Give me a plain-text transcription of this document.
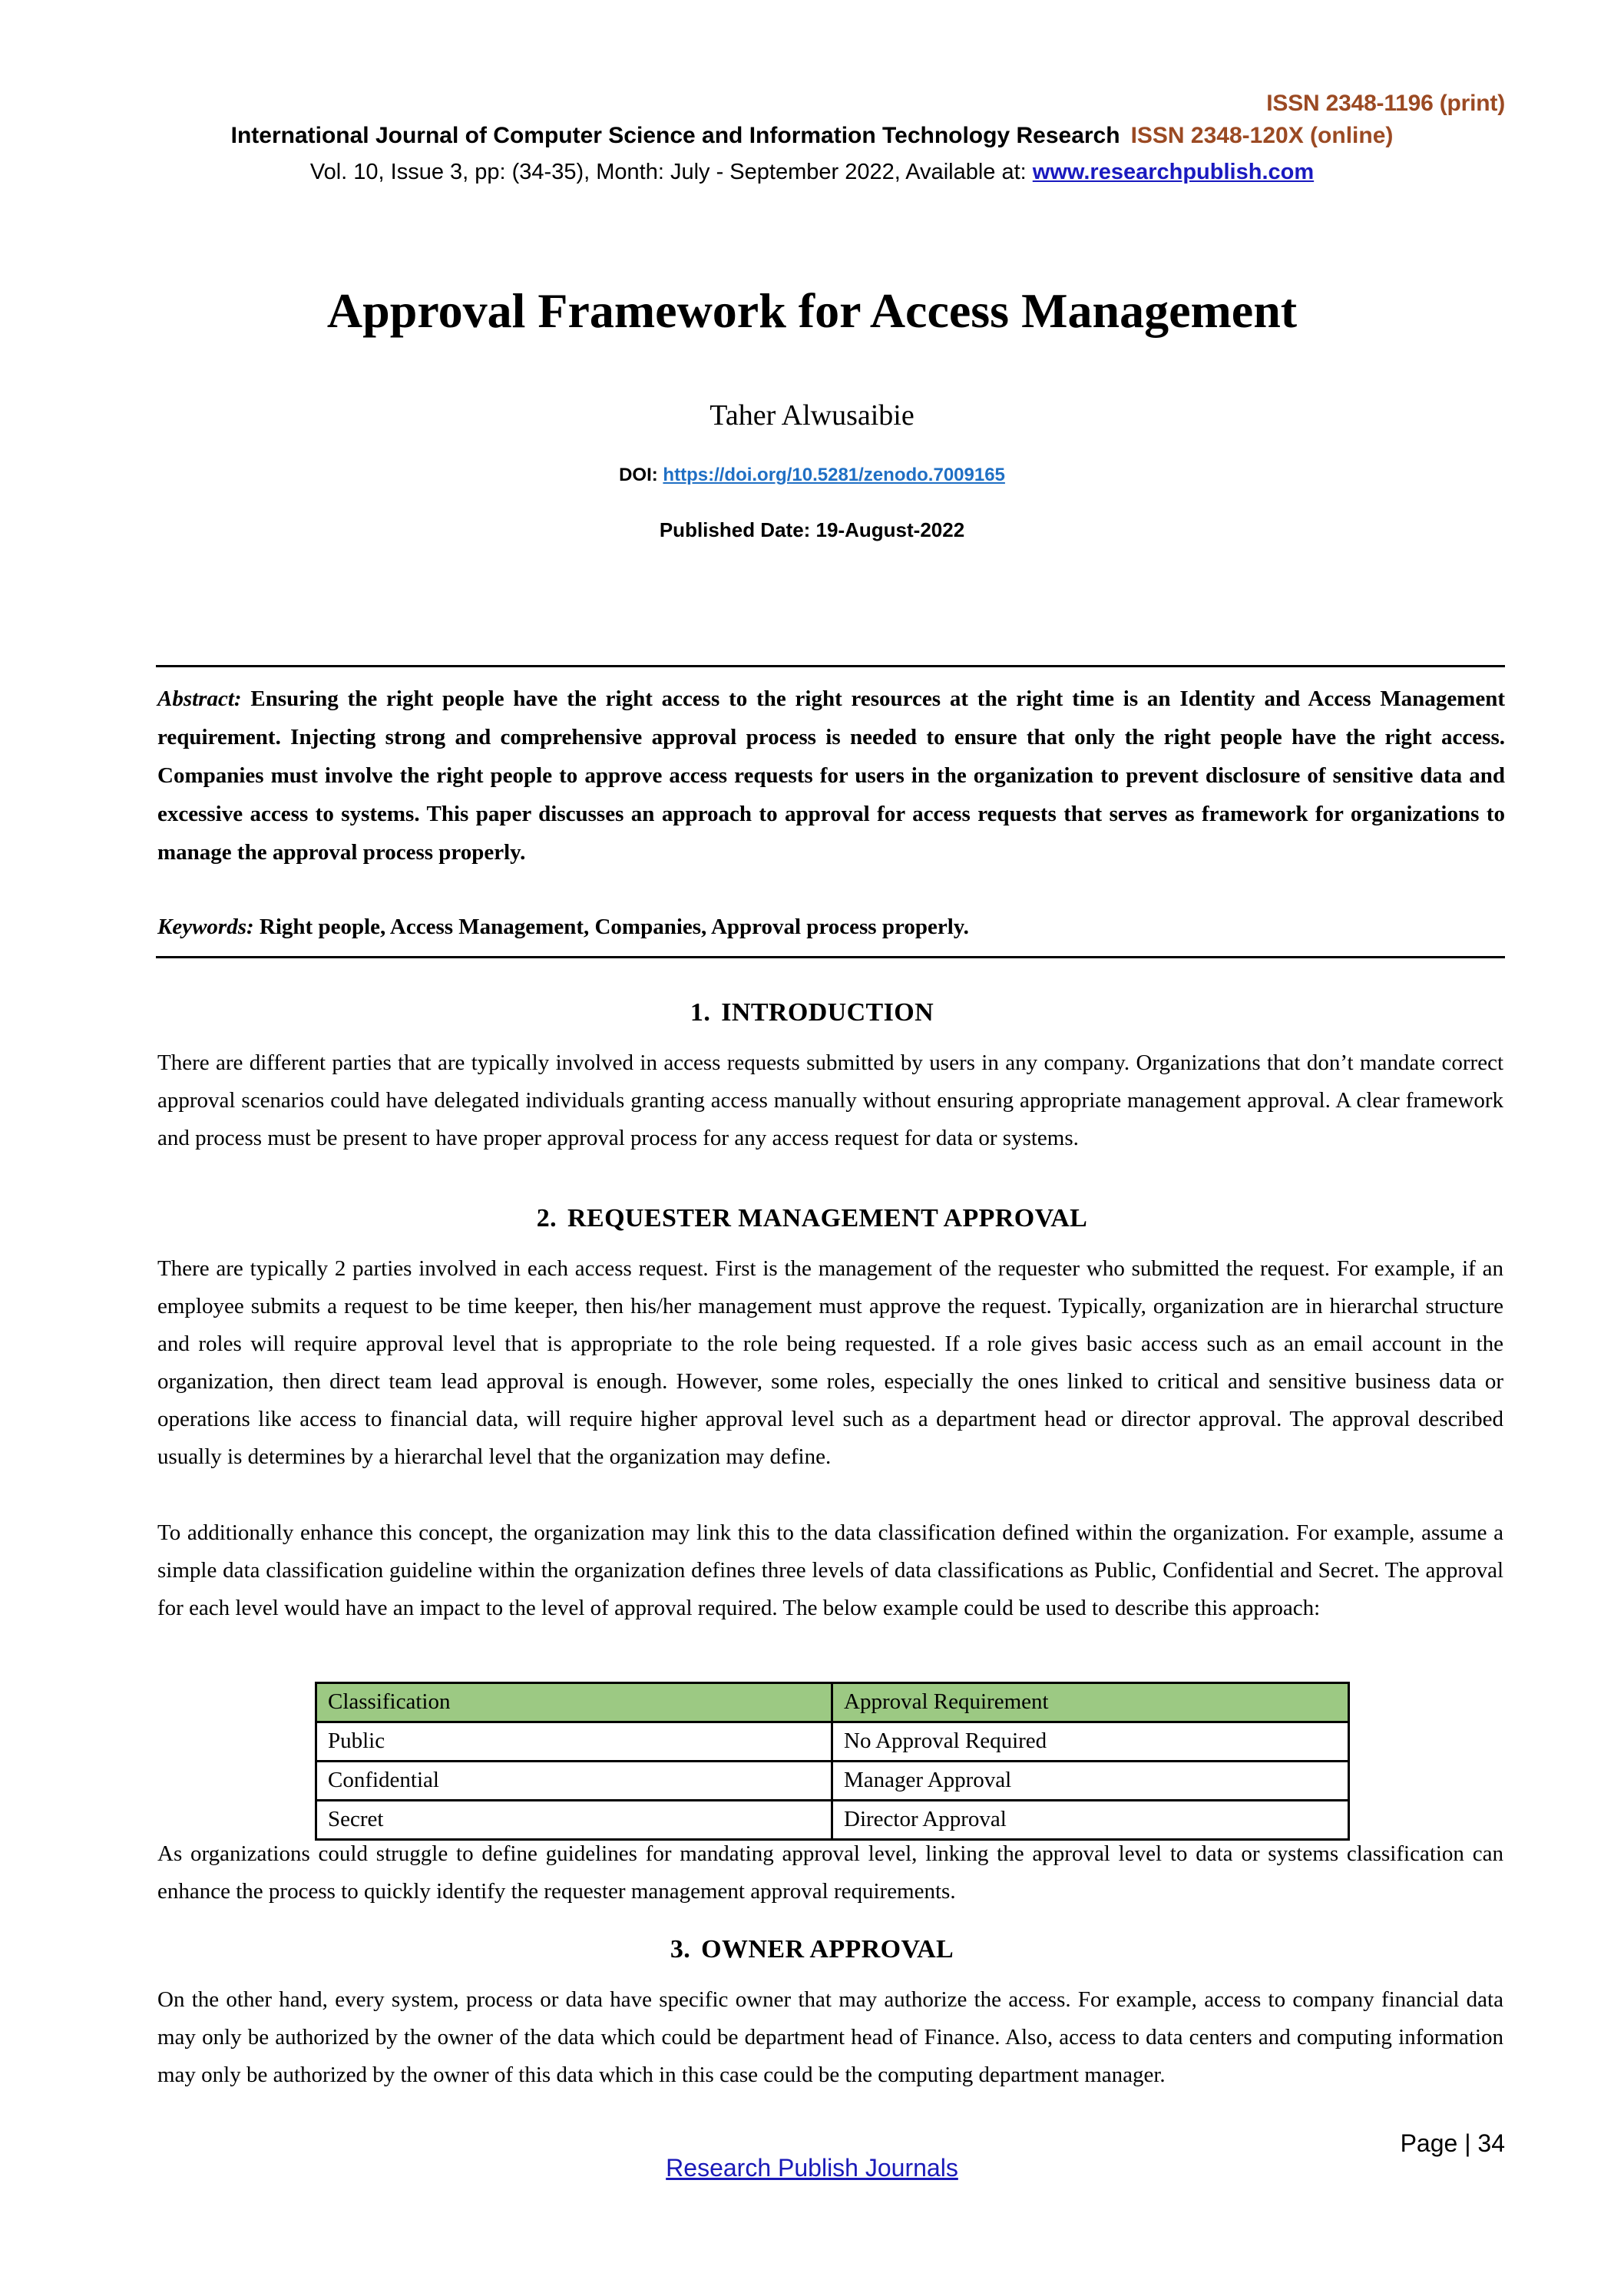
ISSN 2348-1196 (print)
International Journal of Computer Science and Information Technology Research ISSN 2348-120X (online)
Vol. 10, Issue 3, pp: (34-35), Month: July - September 2022, Available at: www.researchpublish.com
Approval Framework for Access Management
Taher Alwusaibie
DOI: https://doi.org/10.5281/zenodo.7009165
Published Date: 19-August-2022
Abstract: Ensuring the right people have the right access to the right resources at the right time is an Identity and Access Management requirement. Injecting strong and comprehensive approval process is needed to ensure that only the right people have the right access. Companies must involve the right people to approve access requests for users in the organization to prevent disclosure of sensitive data and excessive access to systems. This paper discusses an approach to approval for access requests that serves as framework for organizations to manage the approval process properly.
Keywords: Right people, Access Management, Companies, Approval process properly.
1. INTRODUCTION
There are different parties that are typically involved in access requests submitted by users in any company. Organizations that don’t mandate correct approval scenarios could have delegated individuals granting access manually without ensuring appropriate management approval. A clear framework and process must be present to have proper approval process for any access request for data or systems.
2. REQUESTER MANAGEMENT APPROVAL
There are typically 2 parties involved in each access request. First is the management of the requester who submitted the request. For example, if an employee submits a request to be time keeper, then his/her management must approve the request. Typically, organization are in hierarchal structure and roles will require approval level that is appropriate to the role being requested. If a role gives basic access such as an email account in the organization, then direct team lead approval is enough. However, some roles, especially the ones linked to critical and sensitive business data or operations like access to financial data, will require higher approval level such as a department head or director approval. The approval described usually is determines by a hierarchal level that the organization may define.
To additionally enhance this concept, the organization may link this to the data classification defined within the organization. For example, assume a simple data classification guideline within the organization defines three levels of data classifications as Public, Confidential and Secret. The approval for each level would have an impact to the level of approval required. The below example could be used to describe this approach:
Classification	Approval Requirement
Public	No Approval Required
Confidential	Manager Approval
Secret	Director Approval
As organizations could struggle to define guidelines for mandating approval level, linking the approval level to data or systems classification can enhance the process to quickly identify the requester management approval requirements.
3. OWNER APPROVAL
On the other hand, every system, process or data have specific owner that may authorize the access. For example, access to company financial data may only be authorized by the owner of the data which could be department head of Finance. Also, access to data centers and computing information may only be authorized by the owner of this data which in this case could be the computing department manager.
Page | 34
Research Publish Journals
